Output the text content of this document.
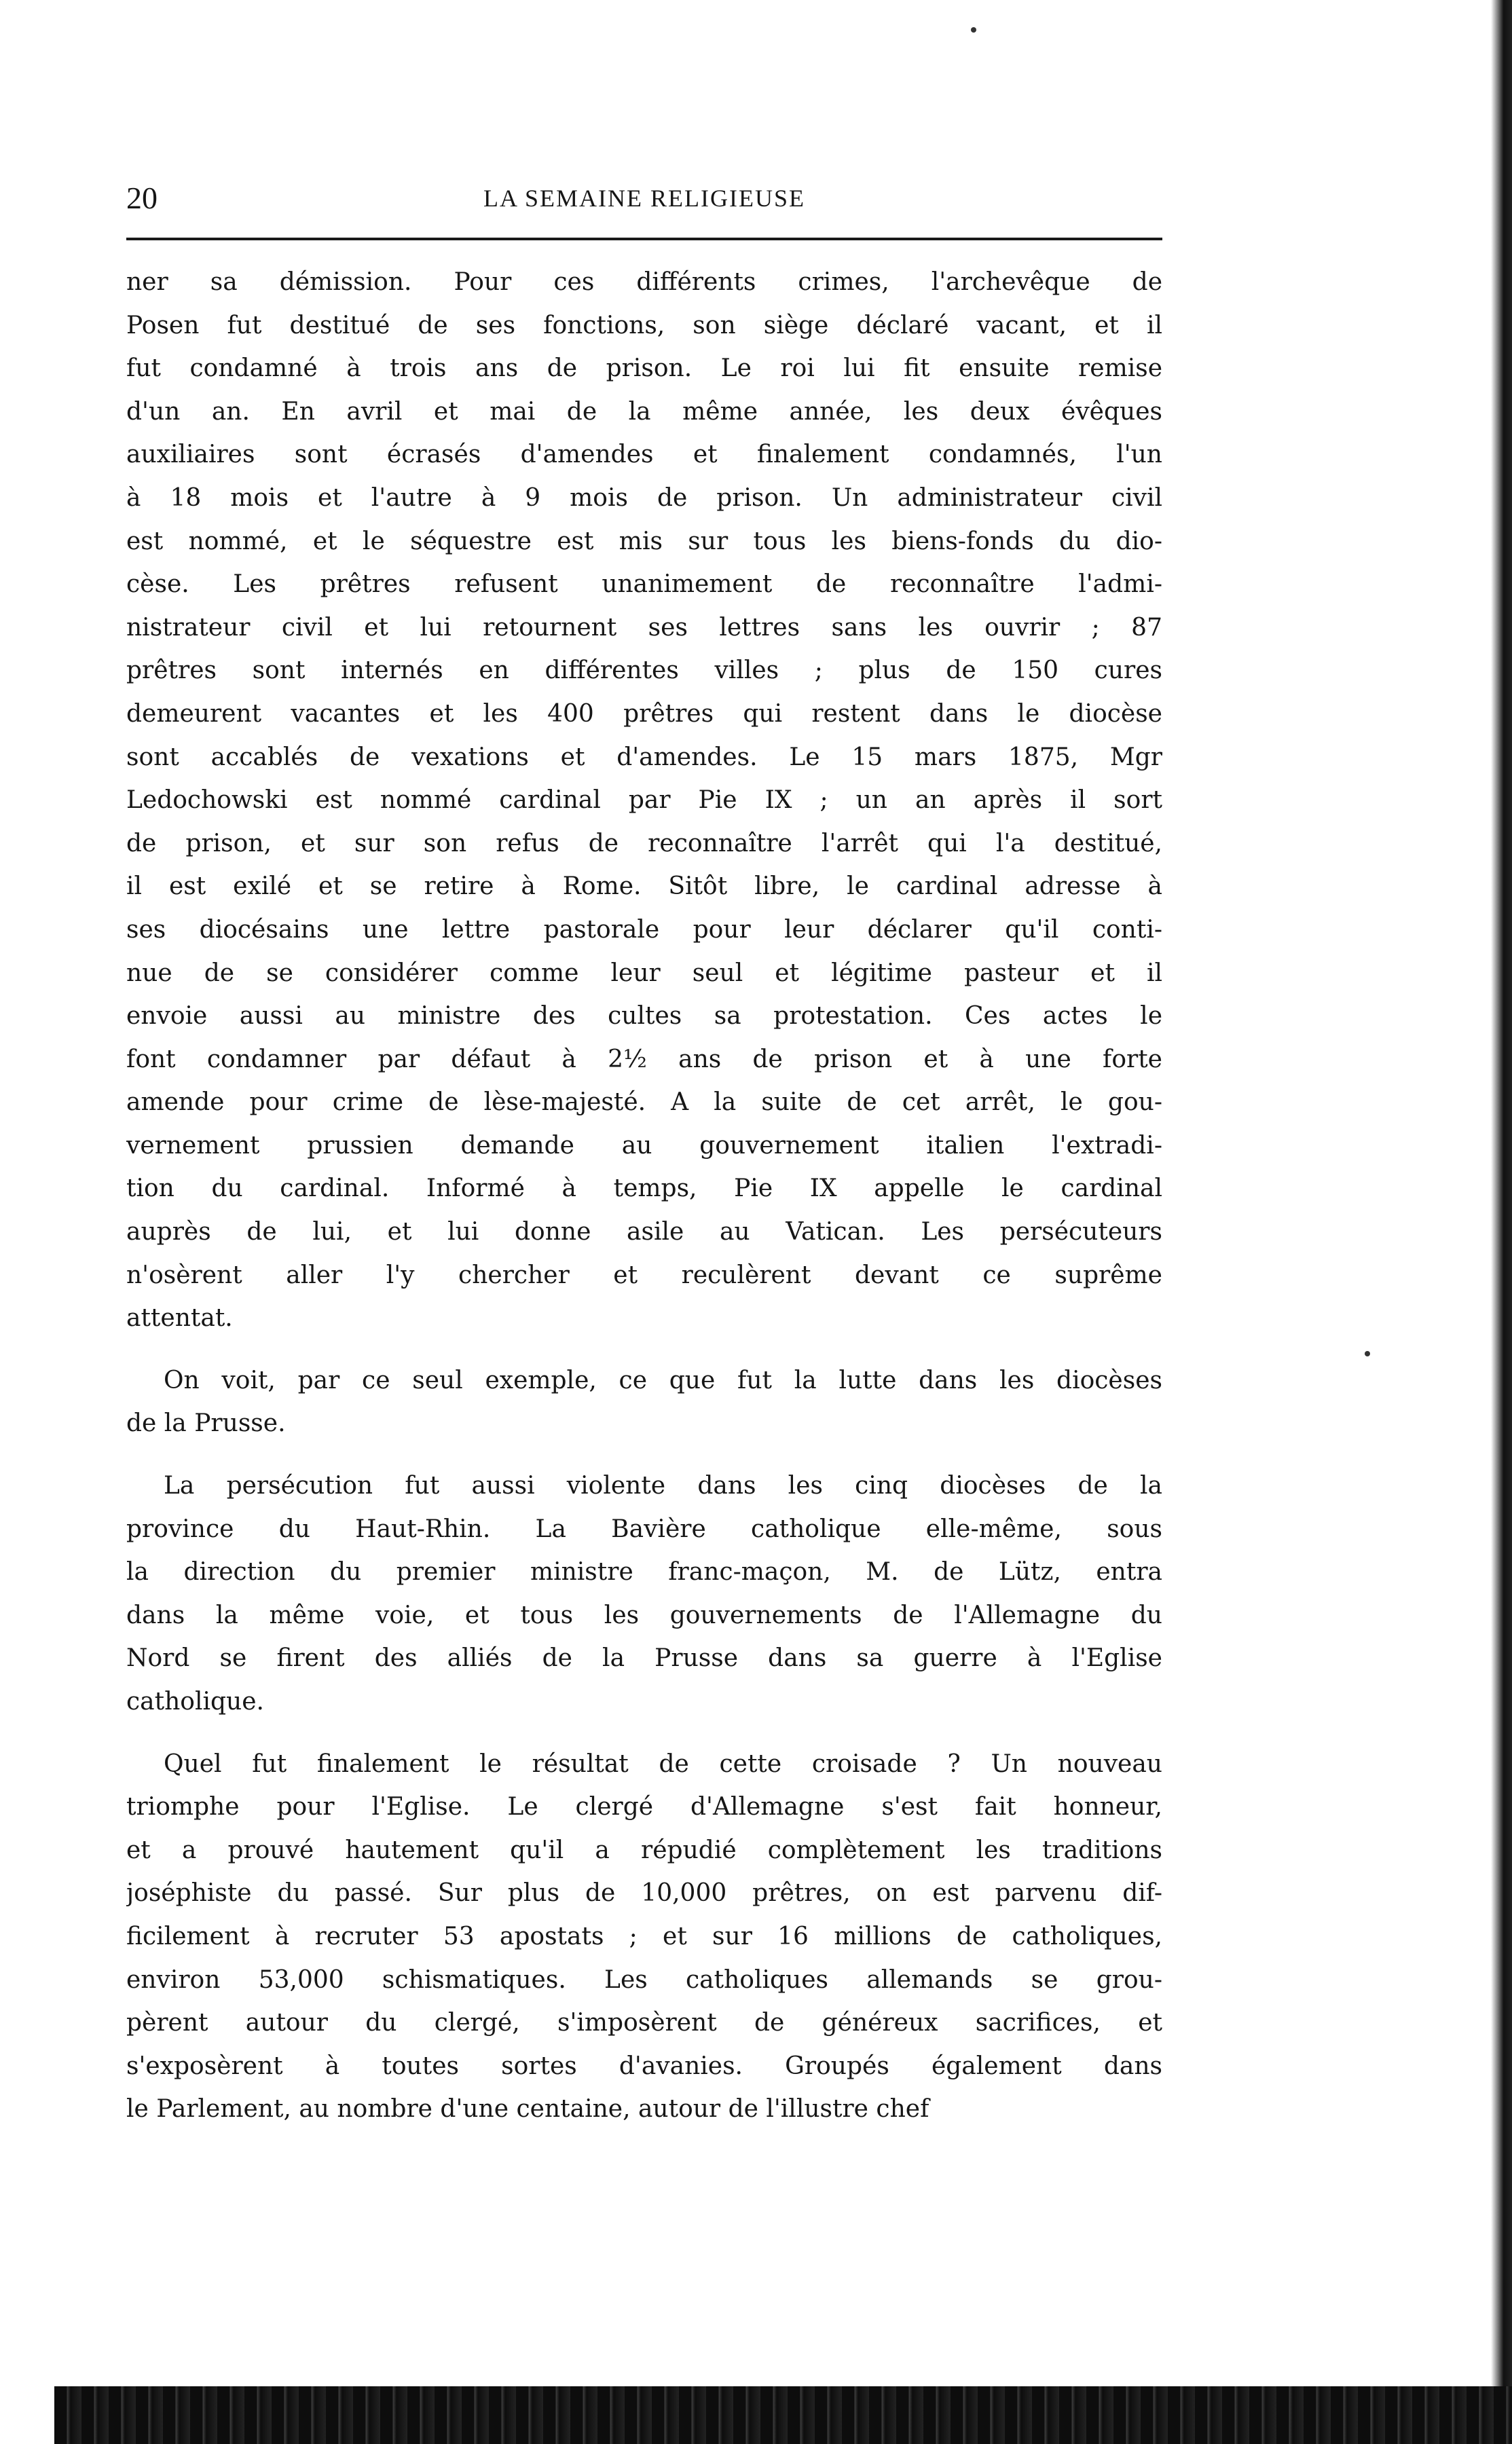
20	LA SEMAINE RELIGIEUSE
ner sa démission. Pour ces différents crimes, l'archevêque de
Posen fut destitué de ses fonctions, son siège déclaré vacant, et il
fut condamné à trois ans de prison. Le roi lui fit ensuite remise
d'un an. En avril et mai de la même année, les deux évêques
auxiliaires sont écrasés d'amendes et finalement condamnés, l'un
à 18 mois et l'autre à 9 mois de prison. Un administrateur civil
est nommé, et le séquestre est mis sur tous les biens-fonds du dio-
cèse. Les prêtres refusent unanimement de reconnaître l'admi-
nistrateur civil et lui retournent ses lettres sans les ouvrir ; 87
prêtres sont internés en différentes villes ; plus de 150 cures
demeurent vacantes et les 400 prêtres qui restent dans le diocèse
sont accablés de vexations et d'amendes. Le 15 mars 1875, Mgr
Ledochowski est nommé cardinal par Pie IX ; un an après il sort
de prison, et sur son refus de reconnaître l'arrêt qui l'a destitué,
il est exilé et se retire à Rome. Sitôt libre, le cardinal adresse à
ses diocésains une lettre pastorale pour leur déclarer qu'il conti-
nue de se considérer comme leur seul et légitime pasteur et il
envoie aussi au ministre des cultes sa protestation. Ces actes le
font condamner par défaut à 2½ ans de prison et à une forte
amende pour crime de lèse-majesté. A la suite de cet arrêt, le gou-
vernement prussien demande au gouvernement italien l'extradi-
tion du cardinal. Informé à temps, Pie IX appelle le cardinal
auprès de lui, et lui donne asile au Vatican. Les persécuteurs
n'osèrent aller l'y chercher et reculèrent devant ce suprême
attentat.
On voit, par ce seul exemple, ce que fut la lutte dans les diocèses
de la Prusse.
La persécution fut aussi violente dans les cinq diocèses de la
province du Haut-Rhin. La Bavière catholique elle-même, sous
la direction du premier ministre franc-maçon, M. de Lütz, entra
dans la même voie, et tous les gouvernements de l'Allemagne du
Nord se firent des alliés de la Prusse dans sa guerre à l'Eglise
catholique.
Quel fut finalement le résultat de cette croisade ? Un nouveau
triomphe pour l'Eglise. Le clergé d'Allemagne s'est fait honneur,
et a prouvé hautement qu'il a répudié complètement les traditions
joséphiste du passé. Sur plus de 10,000 prêtres, on est parvenu dif-
ficilement à recruter 53 apostats ; et sur 16 millions de catholiques,
environ 53,000 schismatiques. Les catholiques allemands se grou-
pèrent autour du clergé, s'imposèrent de généreux sacrifices, et
s'exposèrent à toutes sortes d'avanies. Groupés également dans
le Parlement, au nombre d'une centaine, autour de l'illustre chef
